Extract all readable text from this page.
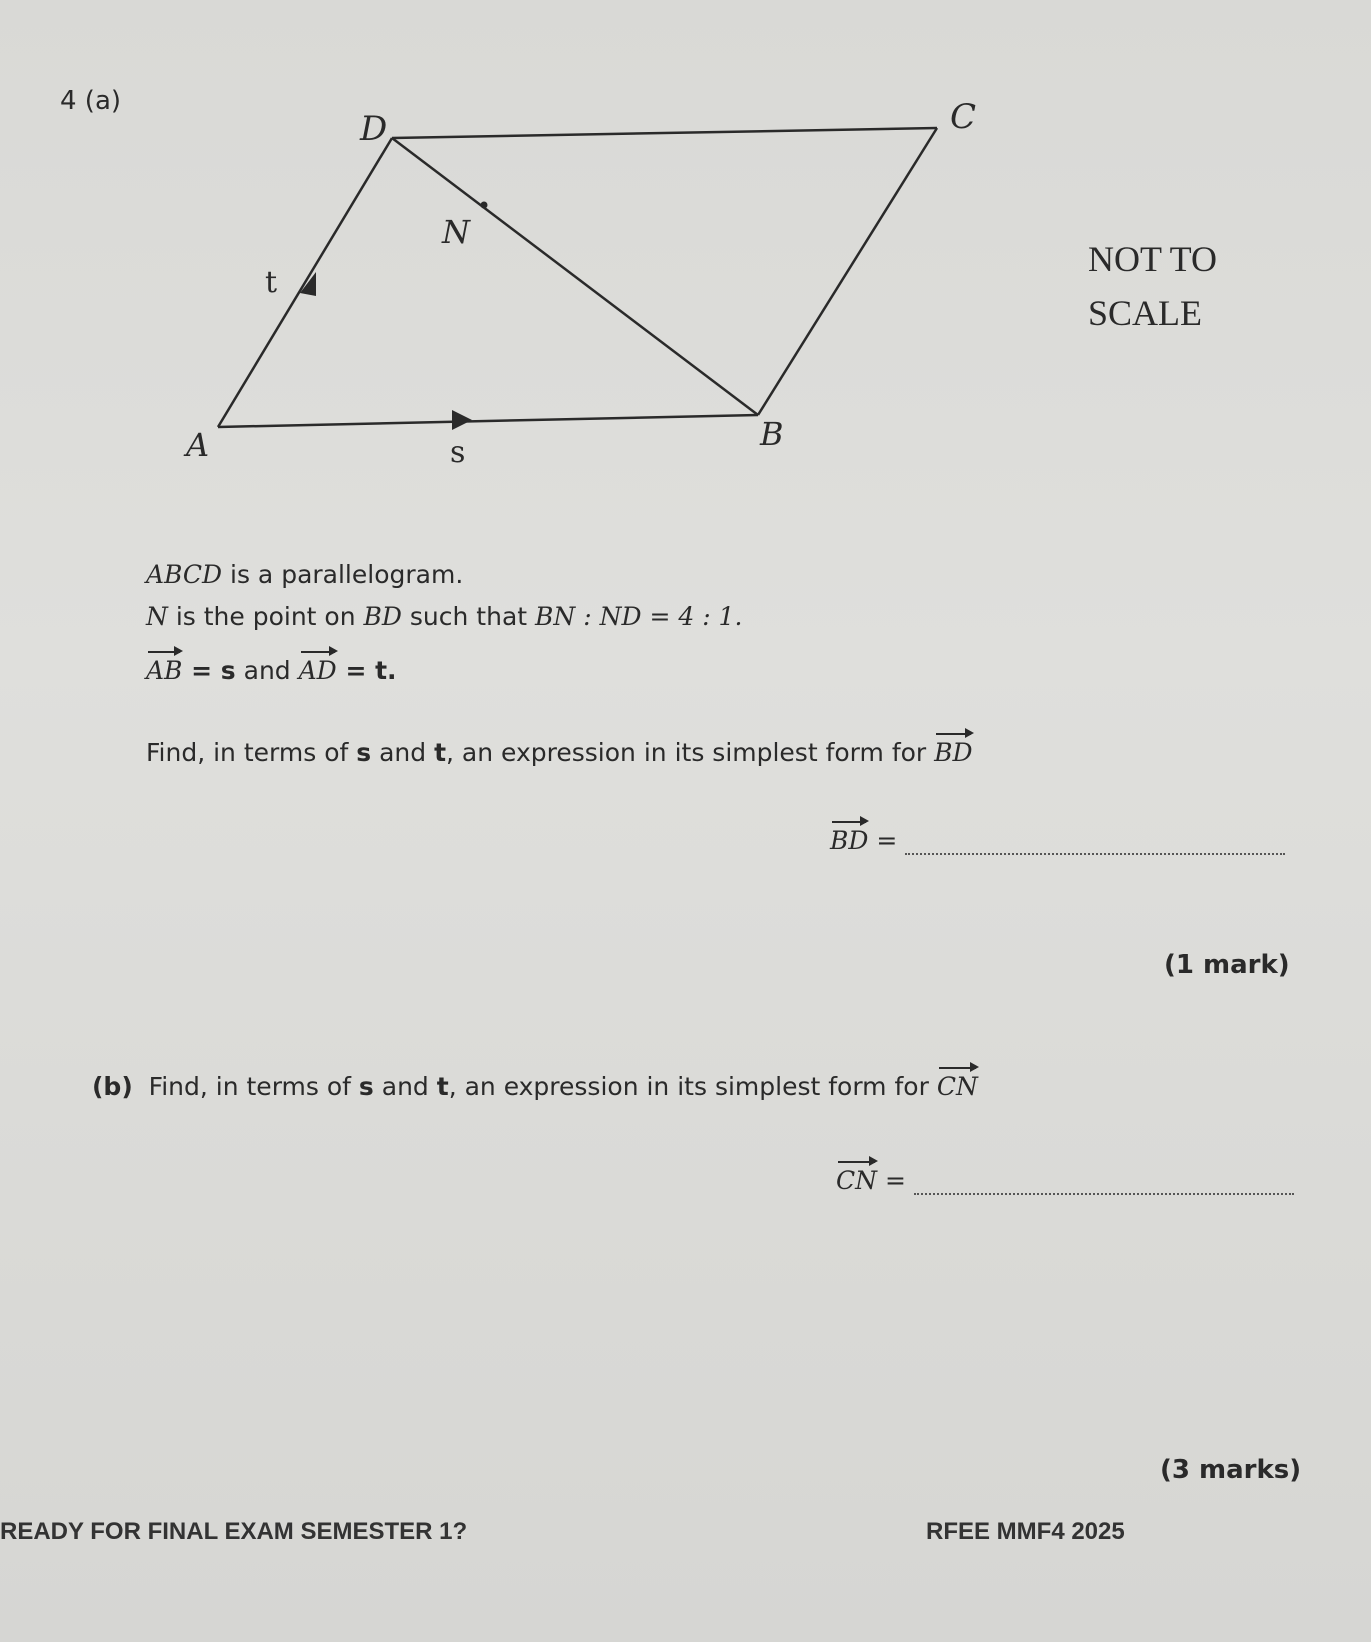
4 (a)
D	C
N
t
A	s	B
NOT TO
SCALE
ABCD is a parallelogram.
N is the point on BD such that BN : ND = 4 : 1.
AB = s and AD = t.
Find, in terms of s and t, an expression in its simplest form for BD
BD =
(1 mark)
(b) Find, in terms of s and t, an expression in its simplest form for CN
CN =
(3 marks)
READY FOR FINAL EXAM SEMESTER 1?	RFEE MMF4 2025
